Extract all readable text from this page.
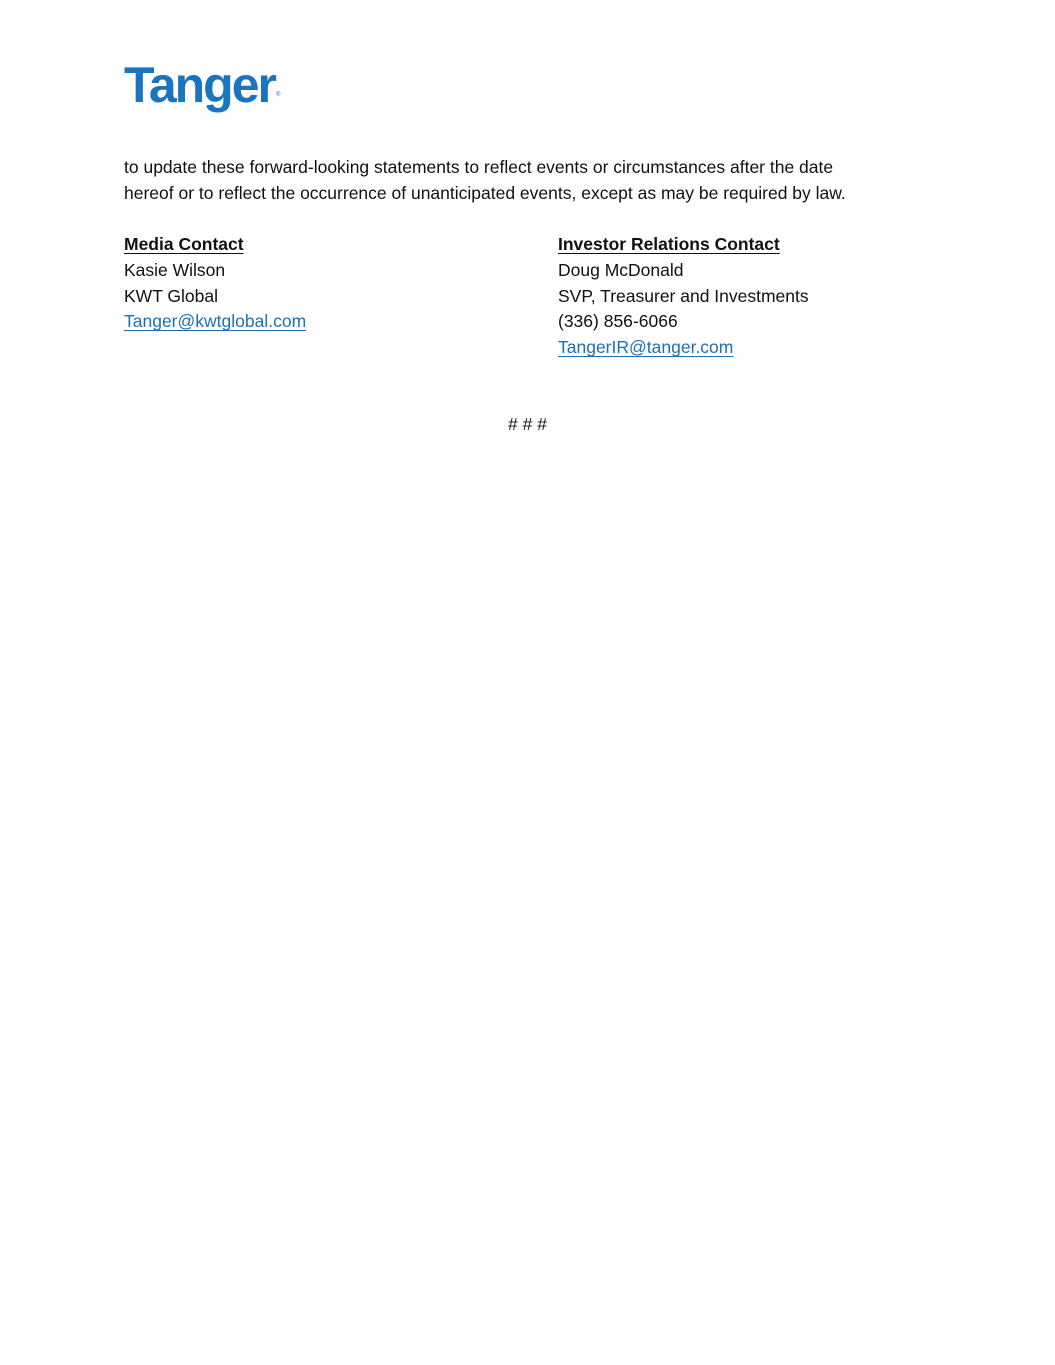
Tanger ®

to update these forward-looking statements to reflect events or circumstances after the date

hereof or to reflect the occurrence of unanticipated events, except as may be required by law.

Media Contact
Kasie Wilson
KWT Global
Tanger@kwtglobal.com
Investor Relations Contact
Doug McDonald
SVP, Treasurer and Investments
(336) 856-6066
TangerIR@tanger.com
# # #
